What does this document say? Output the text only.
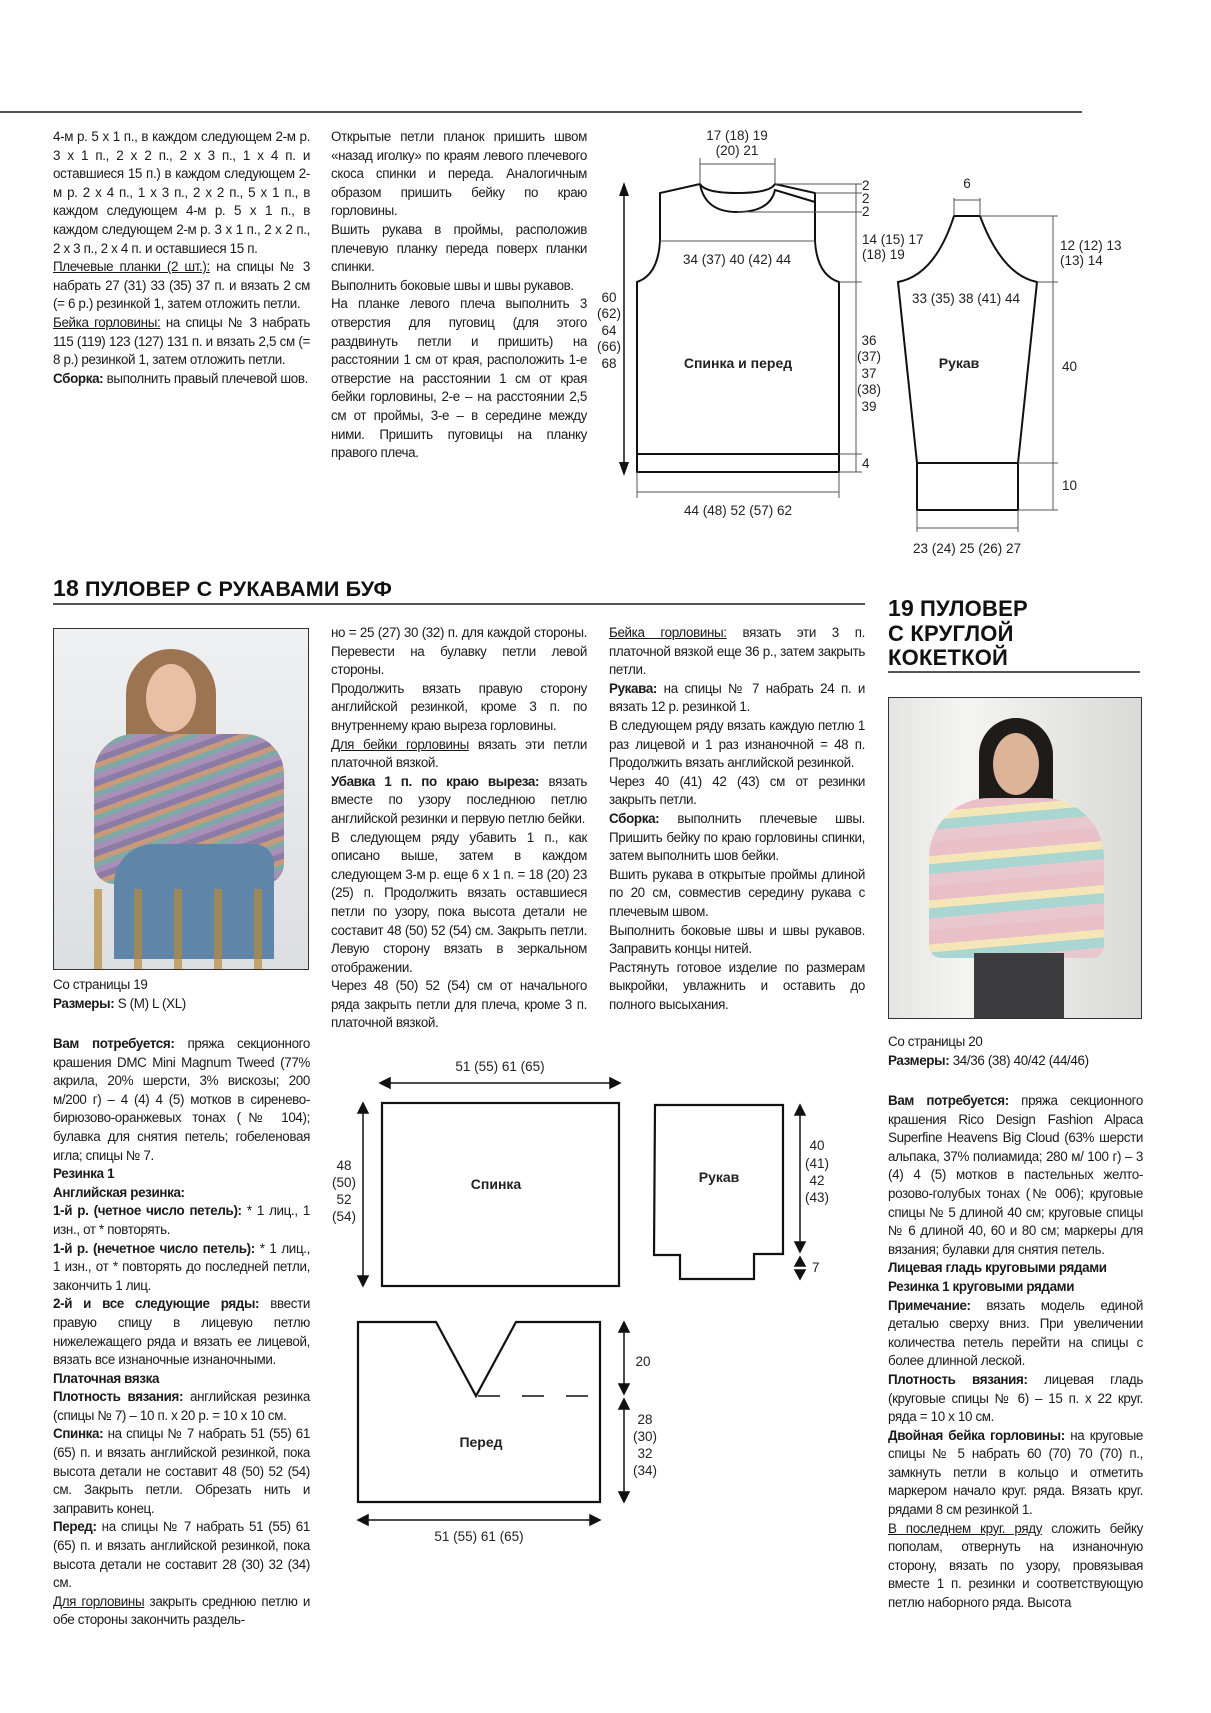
4-м р. 5 х 1 п., в каждом следующем 2-м р. 3 х 1 п., 2 х 2 п., 2 х 3 п., 1 х 4 п. и оставшиеся 15 п.) в каждом следующем 2-м р. 2 х 4 п., 1 х 3 п., 2 х 2 п., 5 х 1 п., в каждом следующем 4-м р. 5 х 1 п., в каждом следующем 2-м р. 3 х 1 п., 2 х 2 п., 2 х 3 п., 2 х 4 п. и оставшиеся 15 п.

Плечевые планки (2 шт.): на спицы № 3 набрать 27 (31) 33 (35) 37 п. и вязать 2 см (= 6 р.) резинкой 1, затем отложить петли.

Бейка горловины: на спицы № 3 набрать 115 (119) 123 (127) 131 п. и вязать 2,5 см (= 8 р.) резинкой 1, затем отложить петли.

Сборка: выполнить правый плечевой шов.

Открытые петли планок пришить швом «назад иголку» по краям левого плечевого скоса спинки и переда. Аналогичным образом пришить бейку по краю горловины.

Вшить рукава в проймы, расположив плечевую планку переда поверх планки спинки.

Выполнить боковые швы и швы рукавов.

На планке левого плеча выполнить 3 отверстия для пуговиц (для этого раздвинуть петли и пришить) на расстоянии 1 см от края, расположить 1-е отверстие на расстоянии 1 см от края бейки горловины, 2-е – на расстоянии 2,5 см от проймы, 3-е – в середине между ними. Пришить пуговицы на планку правого плеча.

17 (18) 19
(20) 21
2
2
2
14 (15) 17
(18) 19
34 (37) 40 (42) 44
60
(62)
64
(66)
68
36
(37)
37
(38)
39
4
44 (48) 52 (57) 62
Спинка и перед
6
12 (12) 13
(13) 14
33 (35) 38 (41) 44
Рукав	40
10
23 (24) 25 (26) 27
18 ПУЛОВЕР С РУКАВАМИ БУФ

Со страницы 19

Размеры: S (M) L (XL)

Вам потребуется: пряжа секционного крашения DMC Mini Magnum Tweed (77% акрила, 20% шерсти, 3% вискозы; 200 м/200 г) – 4 (4) 4 (5) мотков в сиренево-бирюзово-оранжевых тонах (№ 104); булавка для снятия петель; гобеленовая игла; спицы № 7.

Резинка 1

Английская резинка:

1-й р. (четное число петель): * 1 лиц., 1 изн., от * повторять.

1-й р. (нечетное число петель): * 1 лиц., 1 изн., от * повторять до последней петли, закончить 1 лиц.

2-й и все следующие ряды: ввести правую спицу в лицевую петлю нижележащего ряда и вязать ее лицевой, вязать все изнаночные изнаночными.

Платочная вязка

Плотность вязания: английская резинка (спицы № 7) – 10 п. х 20 р. = 10 х 10 см.

Спинка: на спицы № 7 набрать 51 (55) 61 (65) п. и вязать английской резинкой, пока высота детали не составит 48 (50) 52 (54) см. Закрыть петли. Обрезать нить и заправить конец.

Перед: на спицы № 7 набрать 51 (55) 61 (65) п. и вязать английской резинкой, пока высота детали не составит 28 (30) 32 (34) см.

Для горловины закрыть среднюю петлю и обе стороны закончить раздель-

но = 25 (27) 30 (32) п. для каждой стороны. Перевести на булавку петли левой стороны.

Продолжить вязать правую сторону английской резинкой, кроме 3 п. по внутреннему краю выреза горловины.

Для бейки горловины вязать эти петли платочной вязкой.

Убавка 1 п. по краю выреза: вязать вместе по узору последнюю петлю английской резинки и первую петлю бейки.

В следующем ряду убавить 1 п., как описано выше, затем в каждом следующем 3-м р. еще 6 х 1 п. = 18 (20) 23 (25) п. Продолжить вязать оставшиеся петли по узору, пока высота детали не составит 48 (50) 52 (54) см. Закрыть петли. Левую сторону вязать в зеркальном отображении.

Через 48 (50) 52 (54) см от начального ряда закрыть петли для плеча, кроме 3 п. платочной вязкой.

Бейка горловины: вязать эти 3 п. платочной вязкой еще 36 р., затем закрыть петли.

Рукава: на спицы № 7 набрать 24 п. и вязать 12 р. резинкой 1.

В следующем ряду вязать каждую петлю 1 раз лицевой и 1 раз изнаночной = 48 п. Продолжить вязать английской резинкой.

Через 40 (41) 42 (43) см от резинки закрыть петли.

Сборка: выполнить плечевые швы. Пришить бейку по краю горловины спинки, затем выполнить шов бейки.

Вшить рукава в открытые проймы длиной по 20 см, совместив середину рукава с плечевым швом.

Выполнить боковые швы и швы рукавов. Заправить концы нитей.

Растянуть готовое изделие по размерам выкройки, увлажнить и оставить до полного высыхания.

51 (55) 61 (65)
48
(50)
52
(54)
Спинка	Рукав
40
(41)
42
(43)
7
Перед
20
28
(30)
32
(34)
51 (55) 61 (65)
19 ПУЛОВЕР
С КРУГЛОЙ
КОКЕТКОЙ

Со страницы 20

Размеры: 34/36 (38) 40/42 (44/46)

Вам потребуется: пряжа секционного крашения Rico Design Fashion Alpaca Superfine Heavens Big Cloud (63% шерсти альпака, 37% полиамида; 280 м/ 100 г) – 3 (4) 4 (5) мотков в пастельных желто-розово-голубых тонах (№ 006); круговые спицы № 5 длиной 40 см; круговые спицы № 6 длиной 40, 60 и 80 см; маркеры для вязания; булавки для снятия петель.

Лицевая гладь круговыми рядами

Резинка 1 круговыми рядами

Примечание: вязать модель единой деталью сверху вниз. При увеличении количества петель перейти на спицы с более длинной леской.

Плотность вязания: лицевая гладь (круговые спицы № 6) – 15 п. х 22 круг. ряда = 10 х 10 см.

Двойная бейка горловины: на круговые спицы № 5 набрать 60 (70) 70 (70) п., замкнуть петли в кольцо и отметить маркером начало круг. ряда. Вязать круг. рядами 8 см резинкой 1.

В последнем круг. ряду сложить бейку пополам, отвернуть на изнаночную сторону, вязать по узору, провязывая вместе 1 п. резинки и соответствующую петлю наборного ряда. Высота
